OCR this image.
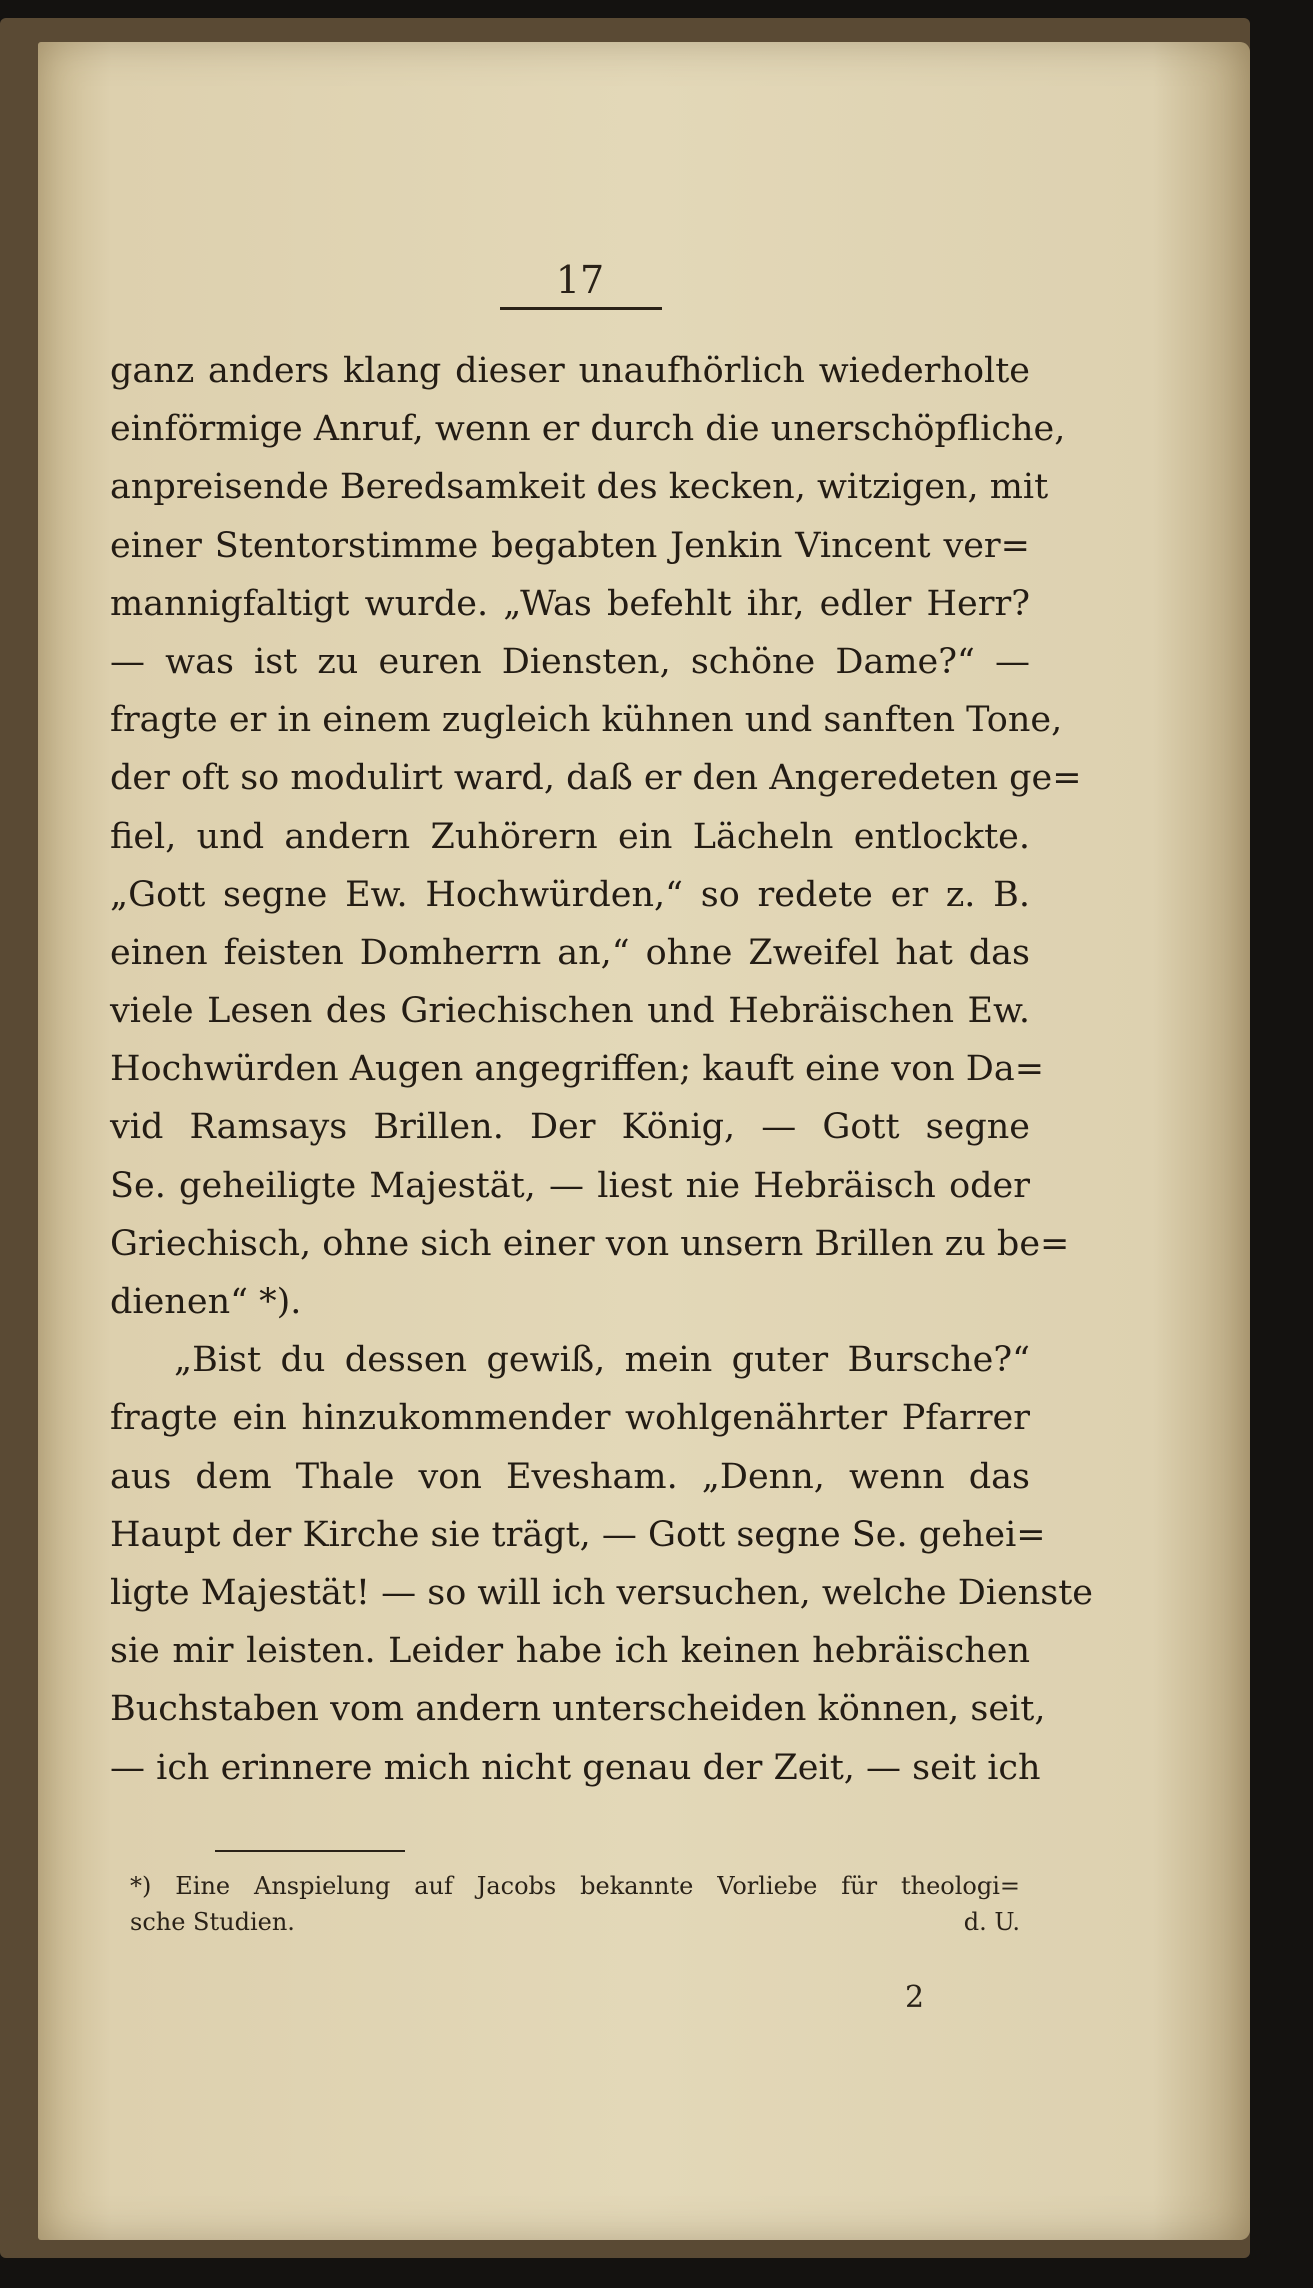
17
ganz anders klang dieser unaufhörlich wiederholte
einförmige Anruf, wenn er durch die unerschöpfliche,
anpreisende Beredsamkeit des kecken, witzigen, mit
einer Stentorstimme begabten Jenkin Vincent ver=
mannigfaltigt wurde. „Was befehlt ihr, edler Herr?
— was ist zu euren Diensten, schöne Dame?“ —
fragte er in einem zugleich kühnen und sanften Tone,
der oft so modulirt ward, daß er den Angeredeten ge=
fiel, und andern Zuhörern ein Lächeln entlockte.
„Gott segne Ew. Hochwürden,“ so redete er z. B.
einen feisten Domherrn an,“ ohne Zweifel hat das
viele Lesen des Griechischen und Hebräischen Ew.
Hochwürden Augen angegriffen; kauft eine von Da=
vid Ramsays Brillen. Der König, — Gott segne
Se. geheiligte Majestät, — liest nie Hebräisch oder
Griechisch, ohne sich einer von unsern Brillen zu be=
dienen“ *).
„Bist du dessen gewiß, mein guter Bursche?“
fragte ein hinzukommender wohlgenährter Pfarrer
aus dem Thale von Evesham. „Denn, wenn das
Haupt der Kirche sie trägt, — Gott segne Se. gehei=
ligte Majestät! — so will ich versuchen, welche Dienste
sie mir leisten. Leider habe ich keinen hebräischen
Buchstaben vom andern unterscheiden können, seit,
— ich erinnere mich nicht genau der Zeit, — seit ich
*) Eine Anspielung auf Jacobs bekannte Vorliebe für theologi=
sche Studien.	d. U.
2
